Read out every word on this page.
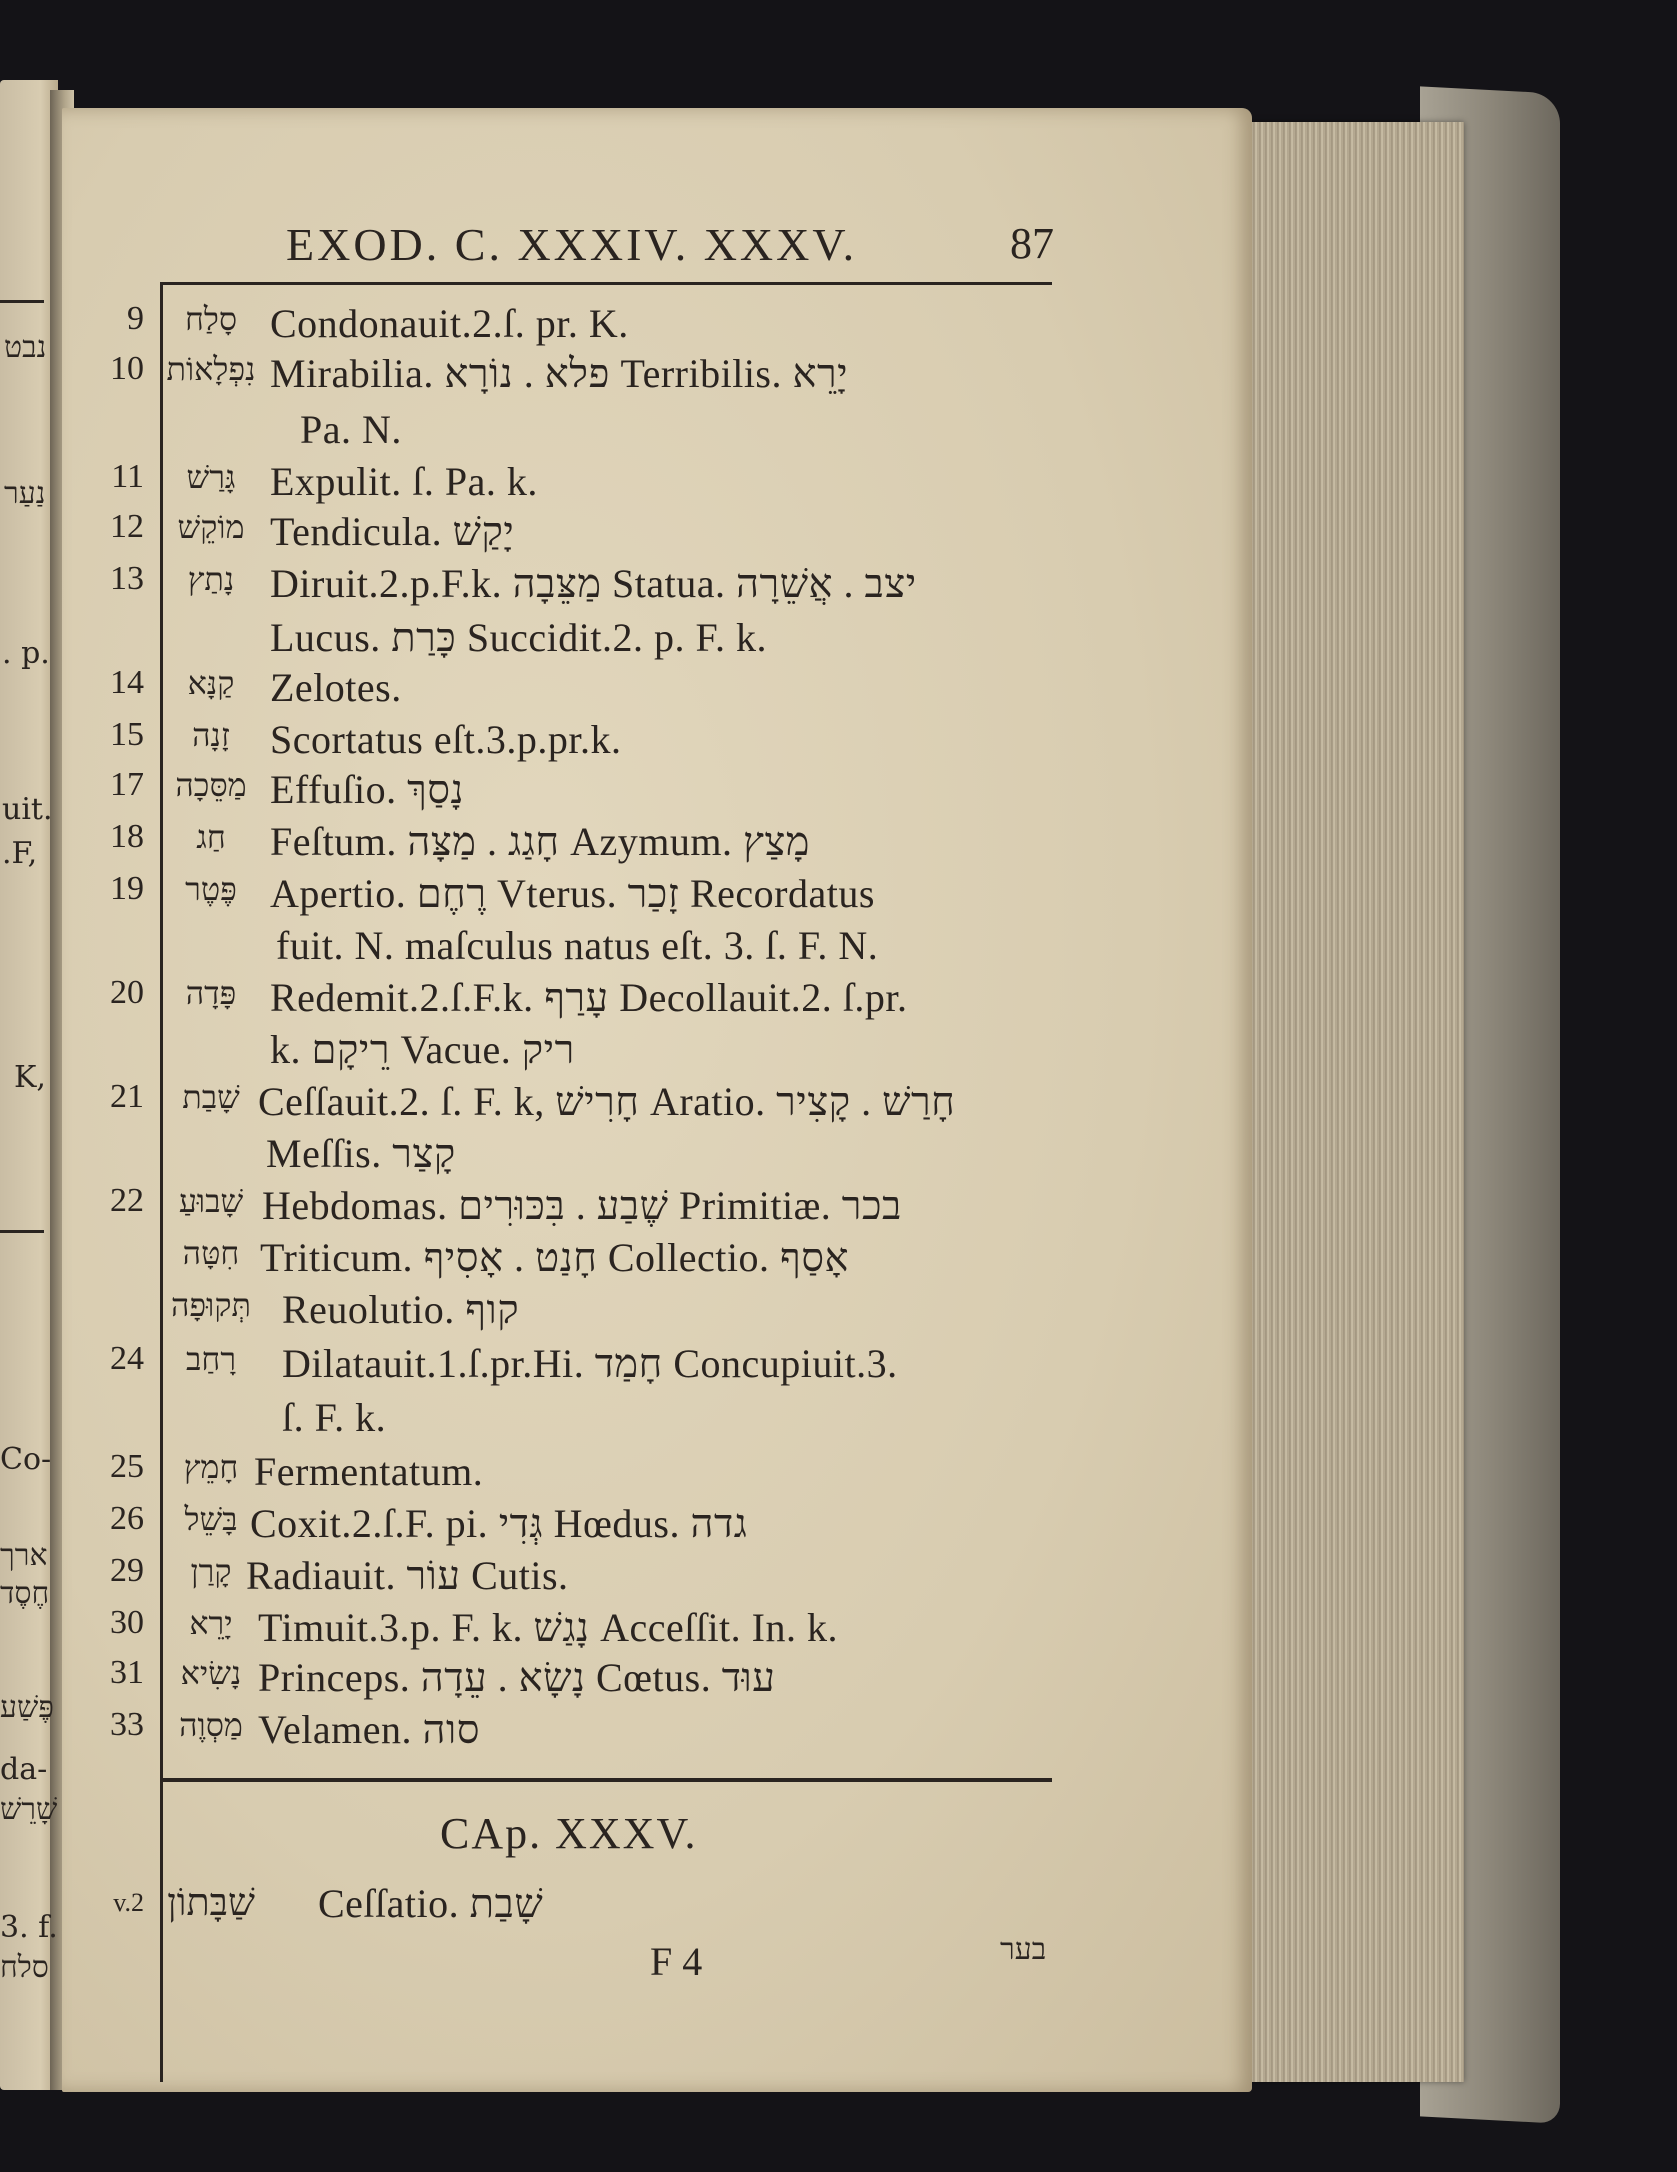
נבט
נַעַר
. p.
uit.
.F,
K,
Co-
ארך
חֶסֶד
פֶּשַׁע
da-
שָׁרֵשׁ
3. f.
סלח
EXOD. C. XXXIV. XXXV.	87
9	סָלַח Condonauit.2.ſ. pr. K.
10 נִפְלָאוֹת Mirabilia. פלא . נוֹרָא Terribilis. יָרֵא
Pa. N.
11	גָּרַשׁ Expulit. ſ. Pa. k.
12	מוֹקֵשׁ Tendicula. יָקַשׁ
13	נָתַץ Diruit.2.p.F.k. מַצֵּבָה Statua. יצב . אֲשֵׁרָה
Lucus. כָּרַת Succidit.2. p. F. k.
14	קַנָּא Zelotes.
15	זָנָה	Scortatus eſt.3.p.pr.k.
17 מַסֵּכָה Effuſio. נָסַךְ
18	חַג	Feſtum. חָגַג . מַצָּה Azymum. מָצַץ
19	פֶּטֶר Apertio. רֶחֶם Vterus. זָכַר Recordatus
fuit. N. maſculus natus eſt. 3. ſ. F. N.
20	פָּדָה Redemit.2.ſ.F.k. עָרַף Decollauit.2. ſ.pr.
k. רֵיקָם Vacue. ריק
21	שָׁבַת Ceſſauit.2. ſ. F. k, חָרִישׁ Aratio. חָרַשׁ . קָצִיר
Meſſis. קָצַר
22	שָׁבוּעַ Hebdomas. שֶׁבַע . בִּכּוּרִים Primitiæ. בכר
חִטָּה Triticum. חָנַט . אָסִיף Collectio. אָסַף
תְּקוּפָה Reuolutio. קוף
24	רָחַב	Dilatauit.1.ſ.pr.Hi. חָמַד Concupiuit.3.
ſ. F. k.
25	חָמֵץ Fermentatum.
26	בָּשֵׁל Coxit.2.ſ.F. pi. גְּדִי Hœdus. גדה
29	קָרַן Radiauit. עוֹר Cutis.
30	יָרֵא Timuit.3.p. F. k. נָגַשׁ Acceſſit. In. k.
31	נָשִׂיא Princeps. נָשָׂא . עֵדָה Cœtus. עוּד
33	מַסְוֶה Velamen. סוה
CAp. XXXV.
v.2 שַׁבָּתוֹן Ceſſatio. שָׁבַת
F 4	בער
